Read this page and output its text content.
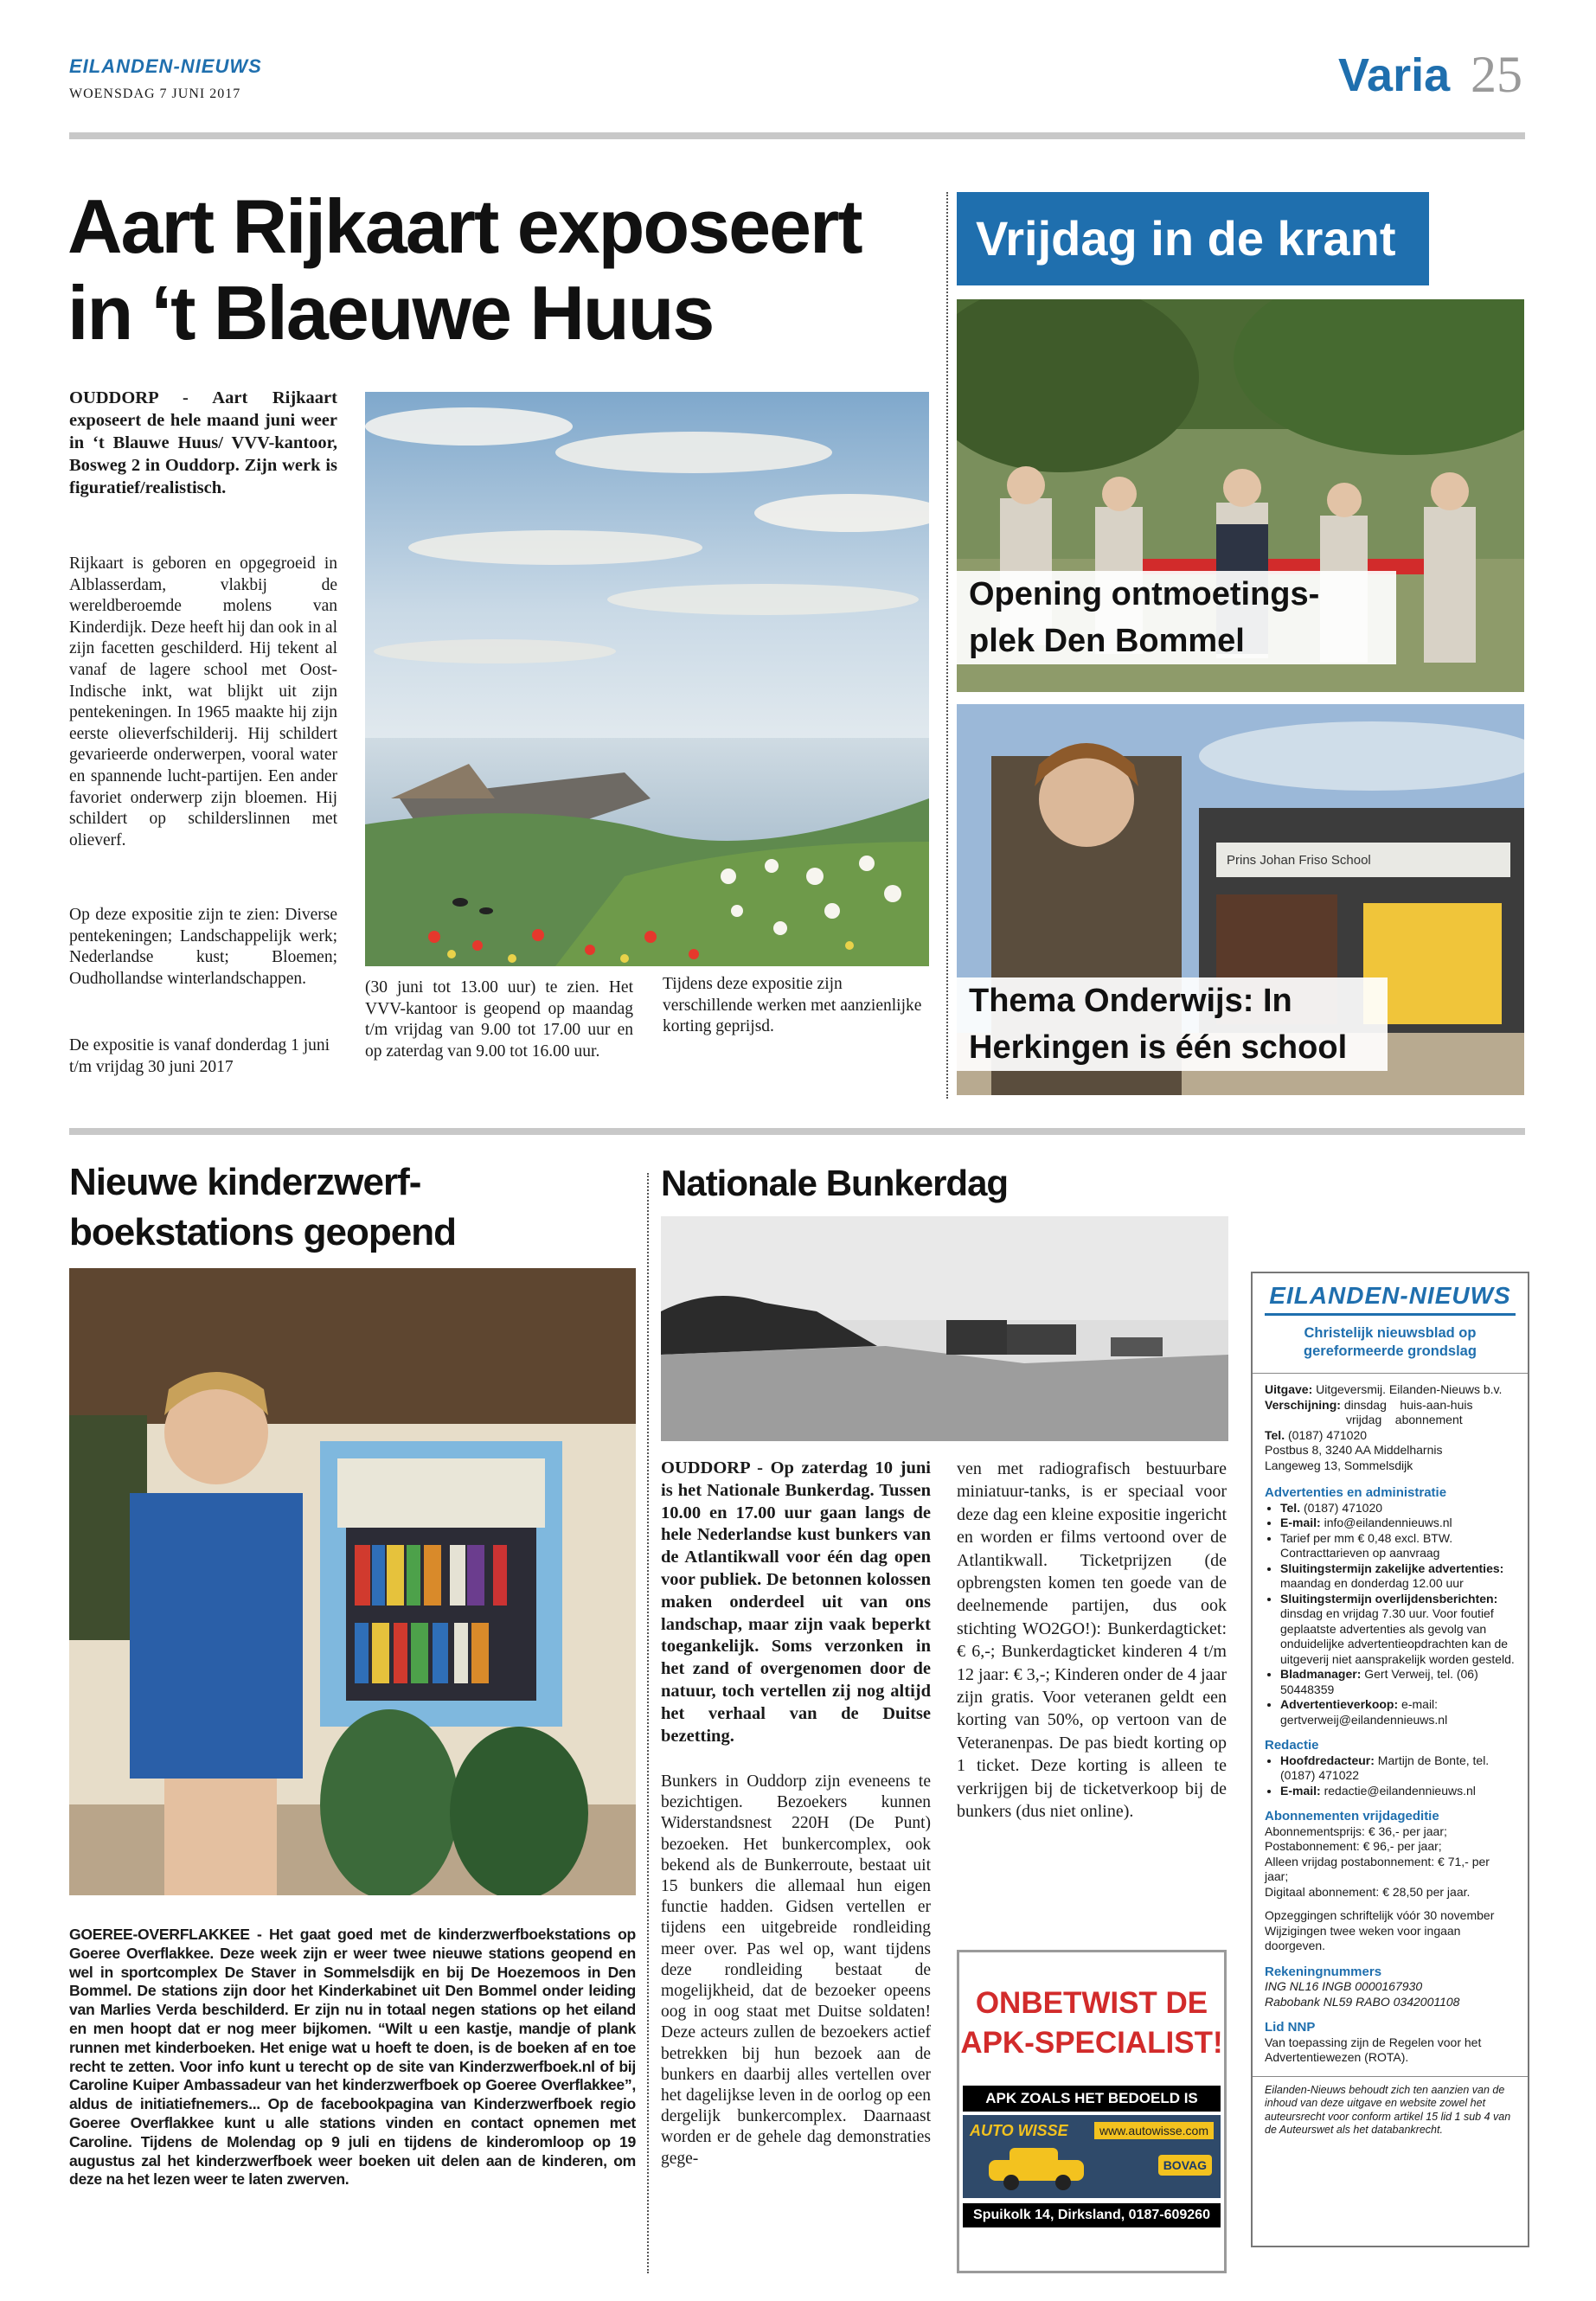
EILANDEN-NIEUWS
WOENSDAG 7 JUNI 2017	Varia 25
Aart Rijkaart exposeert
in ‘t Blaeuwe Huus
OUDDORP - Aart Rijkaart exposeert de hele maand juni weer in ‘t Blauwe Huus/ VVV-kantoor, Bosweg 2 in Ouddorp. Zijn werk is figuratief/realistisch.
Rijkaart is geboren en opgegroeid in Alblasserdam, vlakbij de wereldberoemde molens van Kinderdijk. Deze heeft hij dan ook in al zijn facetten geschilderd. Hij tekent al vanaf de lagere school met Oost-Indische inkt, wat blijkt uit zijn pentekeningen. In 1965 maakte hij zijn eerste olieverfschilderij. Hij schildert gevarieerde onderwerpen, vooral water en spannende lucht-partijen. Een ander favoriet onderwerp zijn bloemen. Hij schildert op schilderslinnen met olieverf.
Op deze expositie zijn te zien: Diverse pentekeningen; Landschappelijk werk; Nederlandse kust; Bloemen; Oudhollandse winterlandschappen.
De expositie is vanaf donderdag 1 juni t/m vrijdag 30 juni 2017
(30 juni tot 13.00 uur) te zien. Het VVV-kantoor is geopend op maandag t/m vrijdag van 9.00 tot 17.00 uur en op zaterdag van 9.00 tot 16.00 uur.
Tijdens deze expositie zijn verschillende werken met aanzienlijke korting geprijsd.
Vrijdag in de krant
Opening ontmoetings-
plek Den Bommel
Prins Johan Friso School
Thema Onderwijs: In
Herkingen is één school
Nieuwe kinderzwerf-
boekstations geopend
GOEREE-OVERFLAKKEE - Het gaat goed met de kinderzwerfboekstations op Goeree Overflakkee. Deze week zijn er weer twee nieuwe stations geopend en wel in sportcomplex De Staver in Sommelsdijk en bij De Hoezemoos in Den Bommel. De stations zijn door het Kinderkabinet uit Den Bommel onder leiding van Marlies Verda beschilderd. Er zijn nu in totaal negen stations op het eiland en men hoopt dat er nog meer bijkomen. “Wilt u een kastje, mandje of plank runnen met kinderboeken. Het enige wat u hoeft te doen, is de boeken af en toe recht te zetten. Voor info kunt u terecht op de site van Kinderzwerfboek.nl of bij Caroline Kuiper Ambassadeur van het kinderzwerfboek op Goeree Overflakkee”, aldus de initiatiefnemers... Op de facebookpagina van Kinderzwerfboek regio Goeree Overflakkee kunt u alle stations vinden en contact opnemen met Caroline. Tijdens de Molendag op 9 juli en tijdens de kinderomloop op 19 augustus zal het kinderzwerfboek weer boeken uit delen aan de kinderen, om deze na het lezen weer te laten zwerven.
Nationale Bunkerdag
OUDDORP - Op zaterdag 10 juni is het Nationale Bunkerdag. Tussen 10.00 en 17.00 uur gaan langs de hele Nederlandse kust bunkers van de Atlantikwall voor één dag open voor publiek. De betonnen kolossen maken onderdeel uit van ons landschap, maar zijn vaak beperkt toegankelijk. Soms verzonken in het zand of overgenomen door de natuur, toch vertellen zij nog altijd het verhaal van de Duitse bezetting.
Bunkers in Ouddorp zijn eveneens te bezichtigen. Bezoekers kunnen Widerstandsnest 220H (De Punt) bezoeken. Het bunkercomplex, ook bekend als de Bunkerroute, bestaat uit 15 bunkers die allemaal hun eigen functie hadden. Gidsen vertellen er tijdens een uitgebreide rondleiding meer over. Pas wel op, want tijdens deze rondleiding bestaat de mogelijkheid, dat de bezoeker opeens oog in oog staat met Duitse soldaten! Deze acteurs zullen de bezoekers actief betrekken bij hun bezoek aan de bunkers en daarbij alles vertellen over het dagelijkse leven in de oorlog op een dergelijk bunkercomplex. Daarnaast worden er de gehele dag demonstraties gege-
ven met radiografisch bestuurbare miniatuur-tanks, is er speciaal voor deze dag een kleine expositie ingericht en worden er films vertoond over de Atlantikwall. Ticketprijzen (de opbrengsten komen ten goede van de deelnemende partijen, dus ook stichting WO2GO!): Bunkerdagticket: € 6,-; Bunkerdagticket kinderen 4 t/m 12 jaar: € 3,-; Kinderen onder de 4 jaar zijn gratis. Voor veteranen geldt een korting van 50%, op vertoon van de Veteranenpas. De pas biedt korting op 1 ticket. Deze korting is alleen te verkrijgen bij de ticketverkoop bij de bunkers (dus niet online).
ONBETWIST DE
APK-SPECIALIST!
APK ZOALS HET BEDOELD IS
AUTO WISSE	www.autowisse.com
BOVAG
Spuikolk 14, Dirksland, 0187-609260
EILANDEN-NIEUWS
Christelijk nieuwsblad op
gereformeerde grondslag
Uitgave: Uitgeversmij. Eilanden-Nieuws b.v.
Verschijning: dinsdag    huis-aan-huis
vrijdag    abonnement
Tel. (0187) 471020
Postbus 8, 3240 AA Middelharnis
Langeweg 13, Sommelsdijk
Advertenties en administratie
• Tel. (0187) 471020
• E-mail: info@eilandennieuws.nl
• Tarief per mm € 0,48 excl. BTW. Contracttarieven op aanvraag
• Sluitingstermijn zakelijke advertenties: maandag en donderdag 12.00 uur
• Sluitingstermijn overlijdensberichten: dinsdag en vrijdag 7.30 uur. Voor foutief geplaatste advertenties als gevolg van onduidelijke advertentieopdrachten kan de uitgeverij niet aansprakelijk worden gesteld.
• Bladmanager: Gert Verweij, tel. (06) 50448359
• Advertentieverkoop: e-mail: gertverweij@eilandennieuws.nl
Redactie
• Hoofdredacteur: Martijn de Bonte, tel. (0187) 471022
• E-mail: redactie@eilandennieuws.nl
Abonnementen vrijdageditie
Abonnementsprijs: € 36,- per jaar;
Postabonnement: € 96,- per jaar;
Alleen vrijdag postabonnement: € 71,- per jaar;
Digitaal abonnement: € 28,50 per jaar.
Opzeggingen schriftelijk vóór 30 november Wijzigingen twee weken voor ingaan doorgeven.
Rekeningnummers
ING NL16 INGB 0000167930
Rabobank NL59 RABO 0342001108
Lid NNP
Van toepassing zijn de Regelen voor het Advertentiewezen (ROTA).
Eilanden-Nieuws behoudt zich ten aanzien van de inhoud van deze uitgave en website zowel het auteursrecht voor conform artikel 15 lid 1 sub 4 van de Auteurswet als het databankrecht.
